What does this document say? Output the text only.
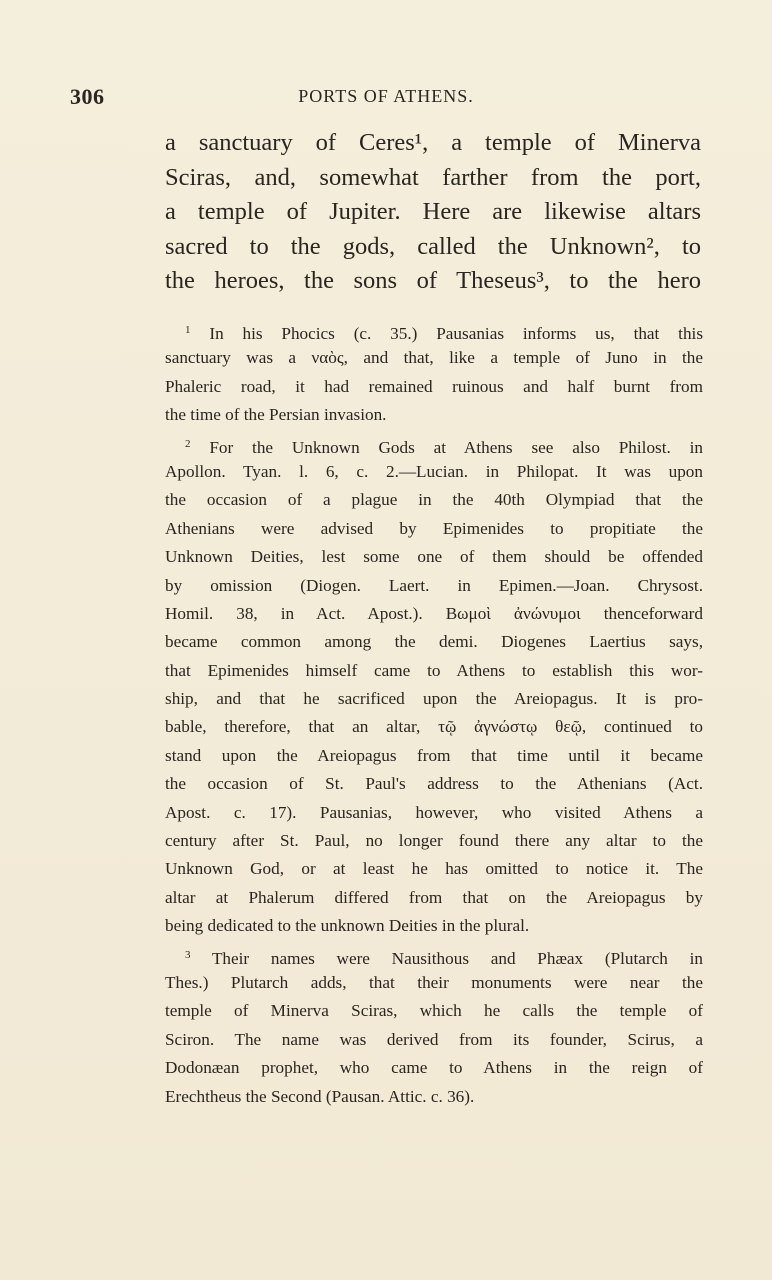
306	PORTS OF ATHENS.
a sanctuary of Ceres¹, a temple of Minerva
Sciras, and, somewhat farther from the port,
a temple of Jupiter. Here are likewise altars
sacred to the gods, called the Unknown², to
the heroes, the sons of Theseus³, to the hero
$^1$ In his Phocics (c. 35.) Pausanias informs us, that this
sanctuary was a ναὸς, and that, like a temple of Juno in the
Phaleric road, it had remained ruinous and half burnt from
the time of the Persian invasion.
$^2$ For the Unknown Gods at Athens see also Philost. in
Apollon. Tyan. l. 6, c. 2.—Lucian. in Philopat. It was upon
the occasion of a plague in the 40th Olympiad that the
Athenians were advised by Epimenides to propitiate the
Unknown Deities, lest some one of them should be offended
by omission (Diogen. Laert. in Epimen.—Joan. Chrysost.
Homil. 38, in Act. Apost.). Βωμοὶ ἀνώνυμοι thenceforward
became common among the demi. Diogenes Laertius says,
that Epimenides himself came to Athens to establish this wor-
ship, and that he sacrificed upon the Areiopagus. It is pro-
bable, therefore, that an altar, τῷ ἀγνώστῳ θεῷ, continued to
stand upon the Areiopagus from that time until it became
the occasion of St. Paul's address to the Athenians (Act.
Apost. c. 17). Pausanias, however, who visited Athens a
century after St. Paul, no longer found there any altar to the
Unknown God, or at least he has omitted to notice it. The
altar at Phalerum differed from that on the Areiopagus by
being dedicated to the unknown Deities in the plural.
$^3$ Their names were Nausithous and Phæax (Plutarch in
Thes.) Plutarch adds, that their monuments were near the
temple of Minerva Sciras, which he calls the temple of
Sciron. The name was derived from its founder, Scirus, a
Dodonæan prophet, who came to Athens in the reign of
Erechtheus the Second (Pausan. Attic. c. 36).
